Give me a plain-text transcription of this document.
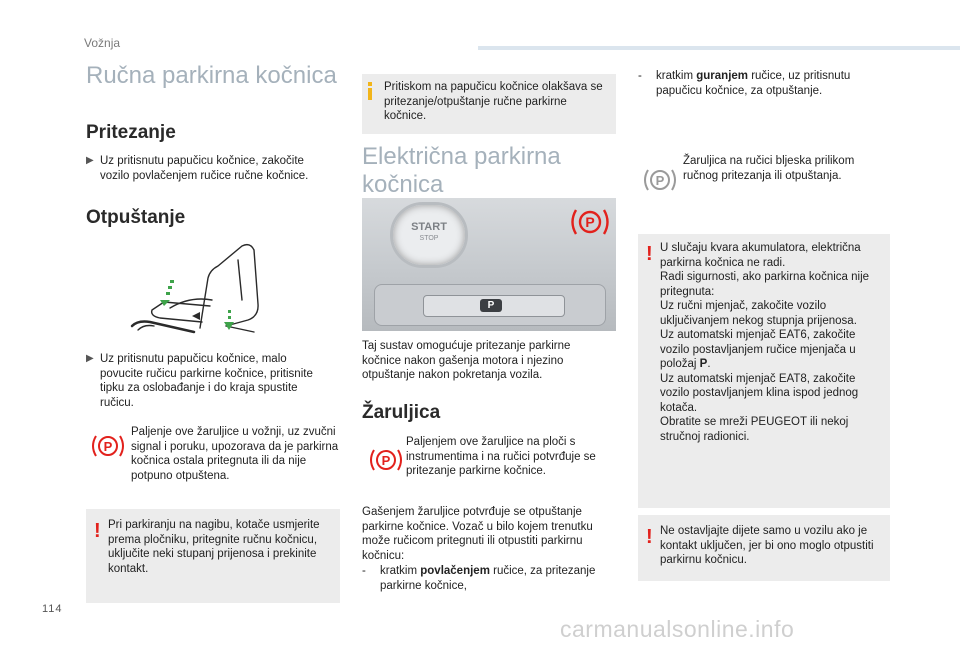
Vožnja
Ručna parkirna kočnica
Pritezanje
▶ Uz pritisnutu papučicu kočnice, zakočite vozilo povlačenjem ručice ručne kočnice.
Otpuštanje
▶ Uz pritisnutu papučicu kočnice, malo povucite ručicu parkirne kočnice, pritisnite tipku za oslobađanje i do kraja spustite ručicu.
P
Paljenje ove žaruljice u vožnji, uz zvučni signal i poruku, upozorava da je parkirna kočnica ostala pritegnuta ili da nije potpuno otpuštena.
! Pri parkiranju na nagibu, kotače usmjerite prema pločniku, pritegnite ručnu kočnicu, uključite neki stupanj prijenosa i prekinite kontakt.
Pritiskom na papučicu kočnice olakšava se pritezanje/otpuštanje ručne parkirne kočnice.
Električna parkirna
kočnica
START
STOP
P
P
Taj sustav omogućuje pritezanje parkirne kočnice nakon gašenja motora i njezino otpuštanje nakon pokretanja vozila.
Žaruljica
P
Paljenjem ove žaruljice na ploči s instrumentima i na ručici potvrđuje se pritezanje parkirne kočnice.
Gašenjem žaruljice potvrđuje se otpuštanje parkirne kočnice. Vozač u bilo kojem trenutku može ručicom pritegnuti ili otpustiti parkirnu kočnicu:
- kratkim povlačenjem ručice, za pritezanje parkirne kočnice,
- kratkim guranjem ručice, uz pritisnutu papučicu kočnice, za otpuštanje.
P
Žaruljica na ručici bljeska prilikom ručnog pritezanja ili otpuštanja.
! U slučaju kvara akumulatora, električna parkirna kočnica ne radi.
Radi sigurnosti, ako parkirna kočnica nije pritegnuta:
Uz ručni mjenjač, zakočite vozilo uključivanjem nekog stupnja prijenosa.
Uz automatski mjenjač EAT6, zakočite vozilo postavljanjem ručice mjenjača u položaj P.
Uz automatski mjenjač EAT8, zakočite vozilo postavljanjem klina ispod jednog kotača.
Obratite se mreži PEUGEOT ili nekoj stručnoj radionici.
! Ne ostavljajte dijete samo u vozilu ako je kontakt uključen, jer bi ono moglo otpustiti parkirnu kočnicu.
114
carmanualsonline.info
